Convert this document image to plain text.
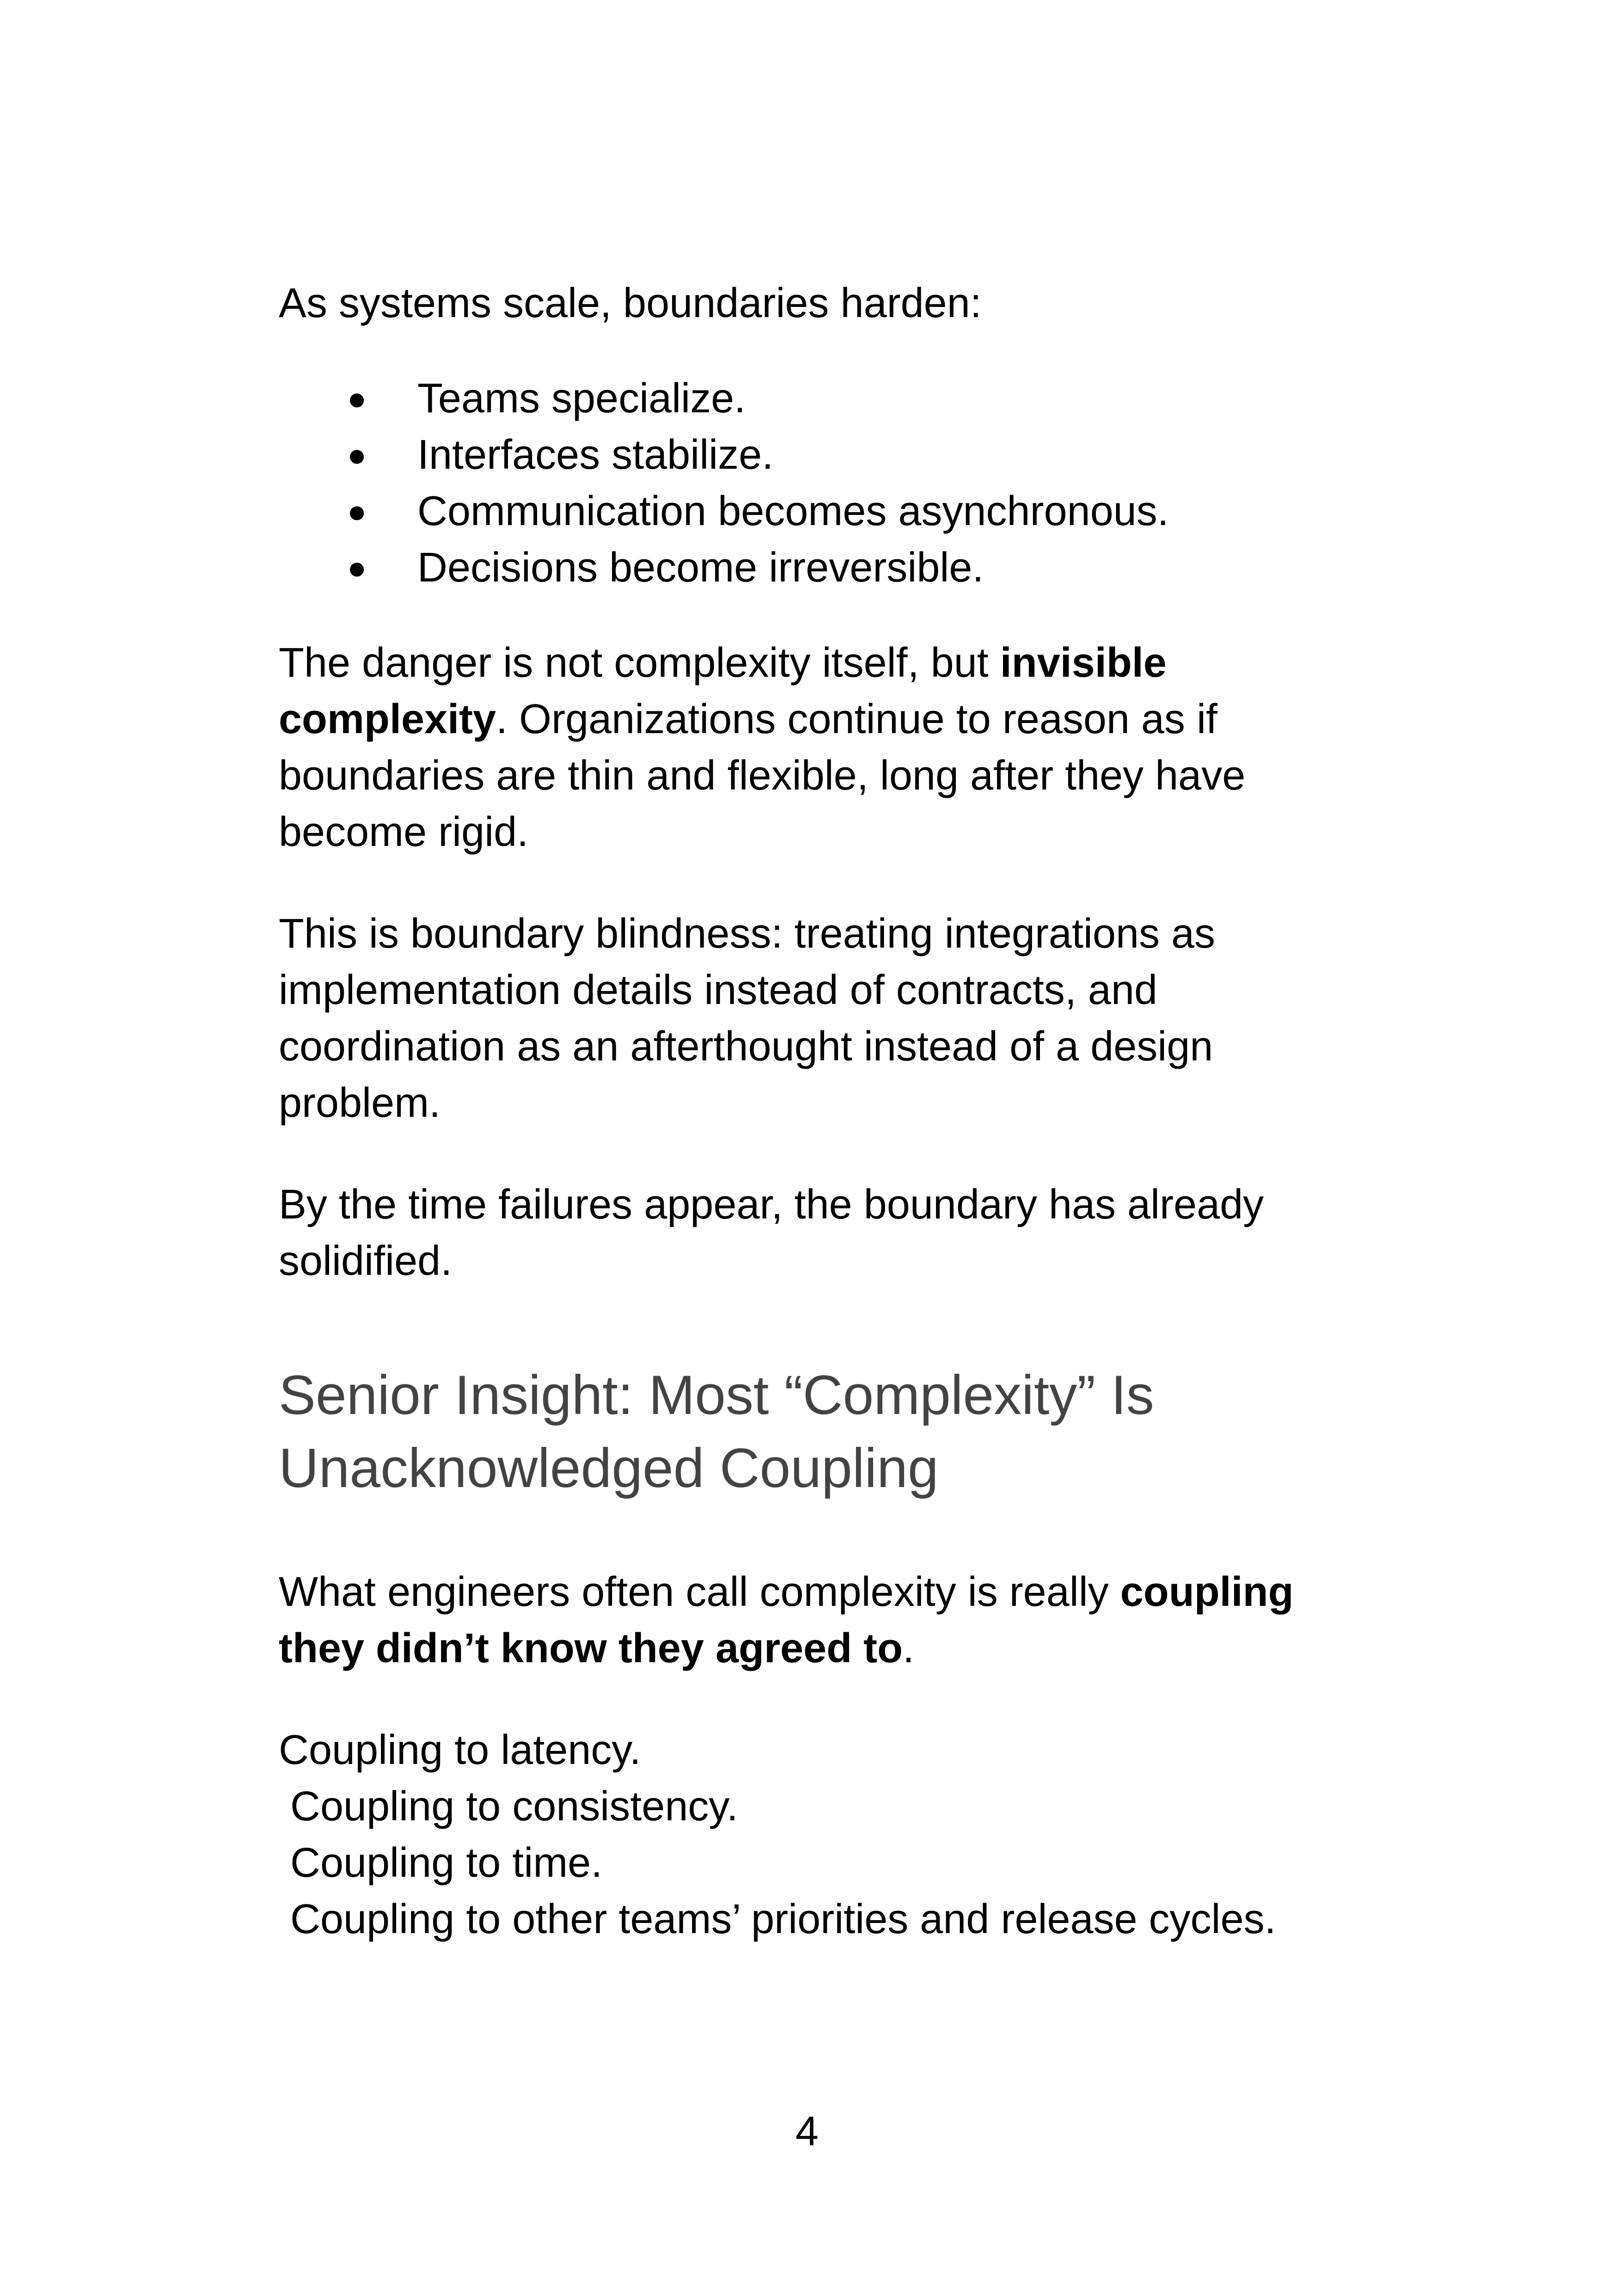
As systems scale, boundaries harden:

● Teams specialize.
● Interfaces stabilize.
● Communication becomes asynchronous.
● Decisions become irreversible.

The danger is not complexity itself, but invisible complexity. Organizations continue to reason as if boundaries are thin and flexible, long after they have become rigid.

This is boundary blindness: treating integrations as implementation details instead of contracts, and coordination as an afterthought instead of a design problem.

By the time failures appear, the boundary has already solidified.

Senior Insight: Most “Complexity” Is Unacknowledged Coupling

What engineers often call complexity is really coupling they didn’t know they agreed to.

Coupling to latency.

Coupling to consistency.

Coupling to time.

Coupling to other teams’ priorities and release cycles.

4
